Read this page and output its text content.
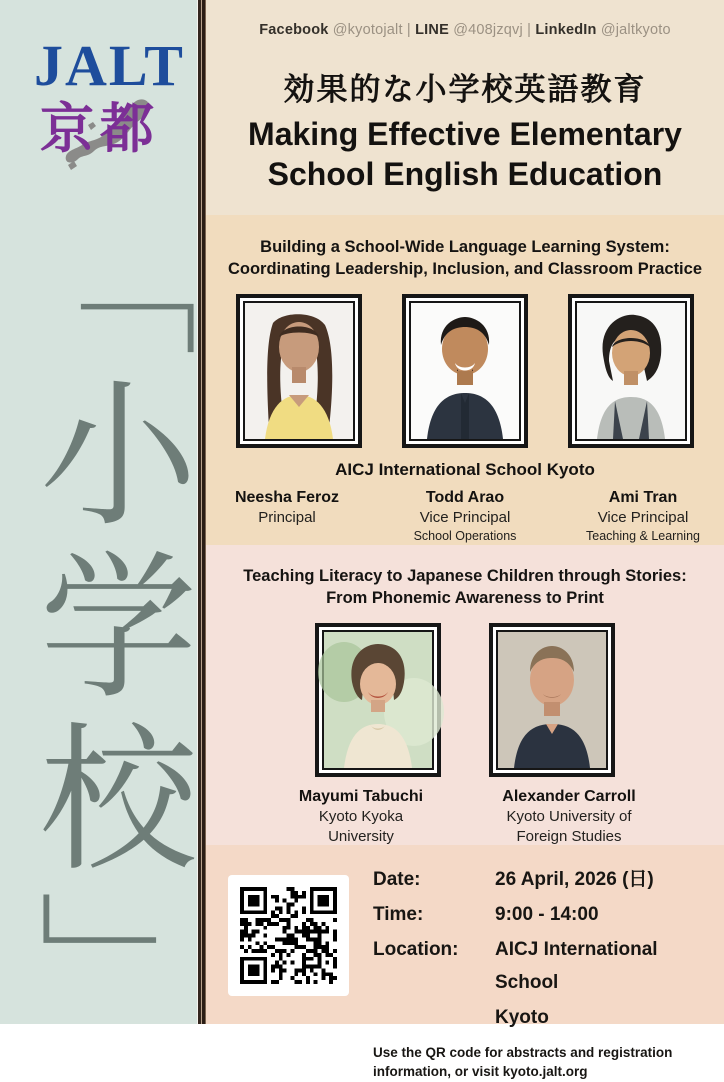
JALT
京都
「小学校」
Facebook @kyotojalt | LINE @408jzqvj | LinkedIn @jaltkyoto
効果的な小学校英語教育
Making Effective Elementary
School English Education
Building a School-Wide Language Learning System:
Coordinating Leadership, Inclusion, and Classroom Practice
AICJ International School Kyoto
Neesha Feroz
Principal
Todd Arao
Vice Principal
School Operations
Ami Tran
Vice Principal
Teaching & Learning
Teaching Literacy to Japanese Children through Stories:
From Phonemic Awareness to Print
Mayumi Tabuchi
Kyoto Kyoka
University
Alexander Carroll
Kyoto University of
Foreign Studies
Date:	26 April, 2026 (日)
Time:	9:00 - 14:00
Location:	AICJ International School
Kyoto
Use the QR code for abstracts and registration
information, or visit kyoto.jalt.org
